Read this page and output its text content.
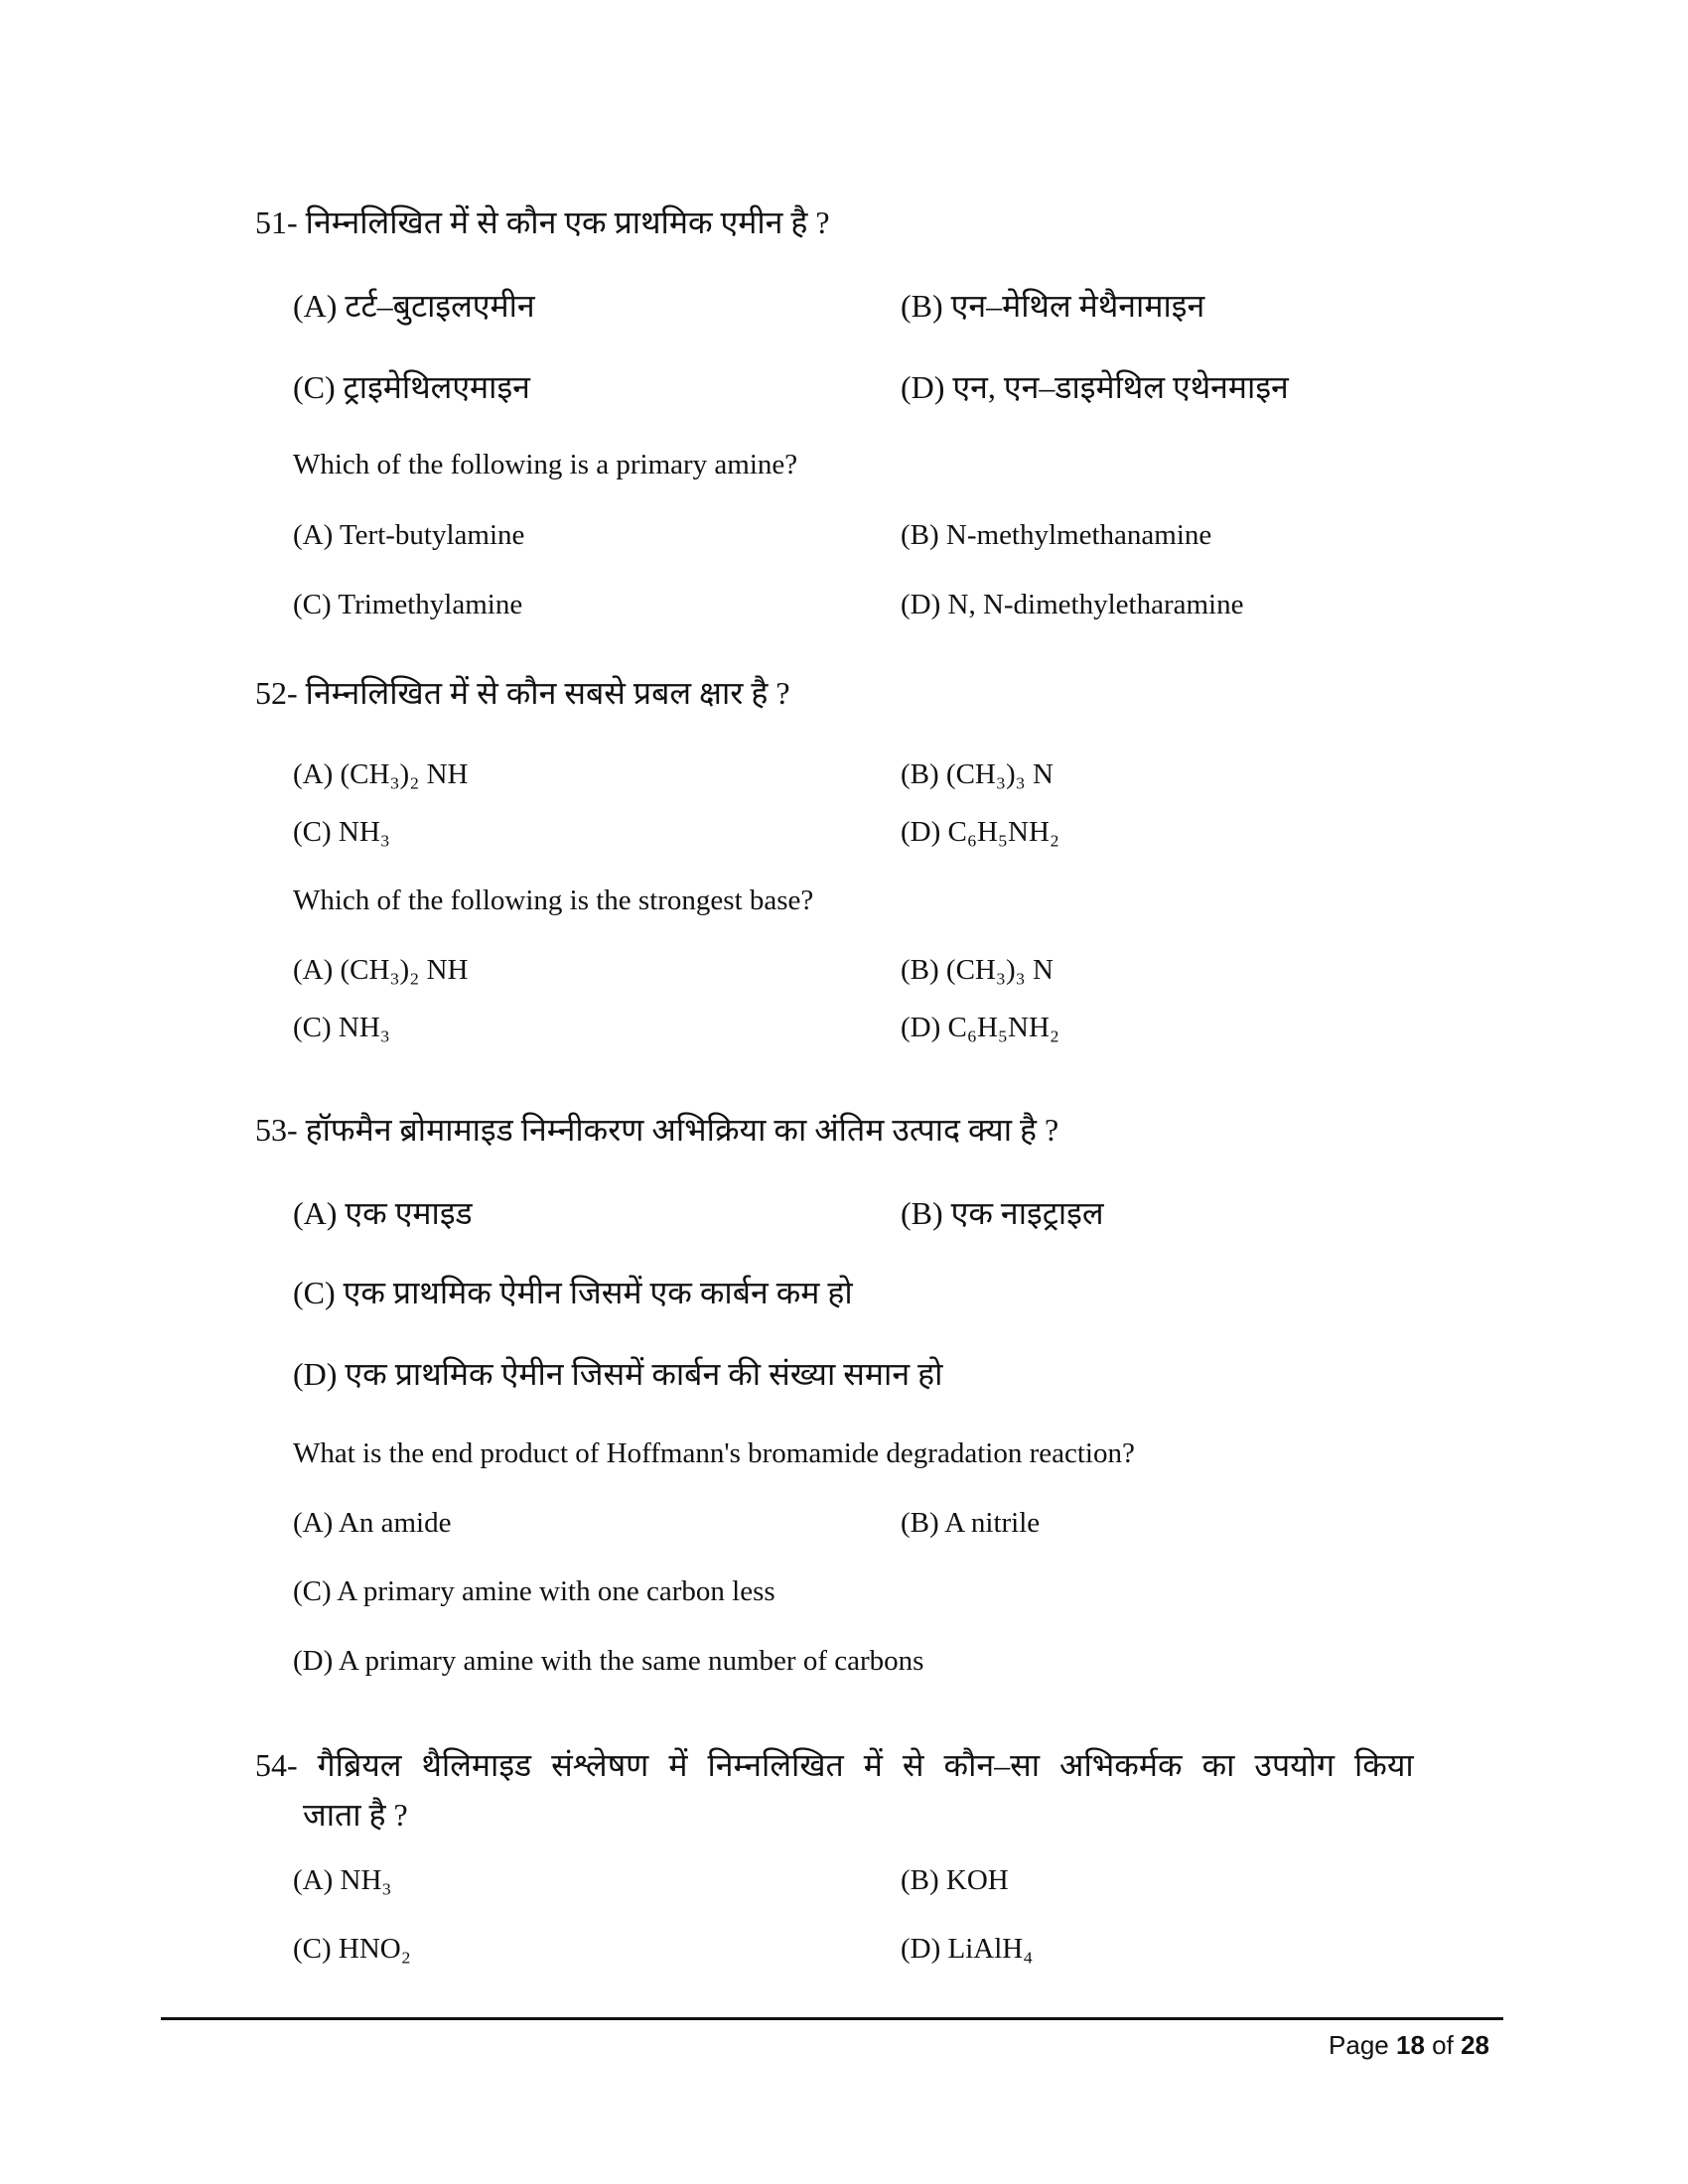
51- निम्नलिखित में से कौन एक प्राथमिक एमीन है ?
(A) टर्ट–बुटाइलएमीन	(B) एन–मेथिल मेथैनामाइन
(C) ट्राइमेथिलएमाइन	(D) एन, एन–डाइमेथिल एथेनमाइन
Which of the following is a primary amine?
(A) Tert-butylamine	(B) N-methylmethanamine
(C) Trimethylamine	(D) N, N-dimethyletharamine
52- निम्नलिखित में से कौन सबसे प्रबल क्षार है ?
(A) (CH₃)₂ NH	(B) (CH₃)₃ N
(C) NH₃	(D) C₆H₅NH₂
Which of the following is the strongest base?
(A) (CH₃)₂ NH	(B) (CH₃)₃ N
(C) NH₃	(D) C₆H₅NH₂
53- हॉफमैन ब्रोमामाइड निम्नीकरण अभिक्रिया का अंतिम उत्पाद क्या है ?
(A) एक एमाइड	(B) एक नाइट्राइल
(C) एक प्राथमिक ऐमीन जिसमें एक कार्बन कम हो
(D) एक प्राथमिक ऐमीन जिसमें कार्बन की संख्या समान हो
What is the end product of Hoffmann's bromamide degradation reaction?
(A) An amide	(B) A nitrile
(C) A primary amine with one carbon less
(D) A primary amine with the same number of carbons
54- गैब्रियल थैलिमाइड संश्लेषण में निम्नलिखित में से कौन–सा अभिकर्मक का उपयोग किया
जाता है ?
(A) NH₃	(B) KOH
(C) HNO₂	(D) LiAlH₄
Page 18 of 28
